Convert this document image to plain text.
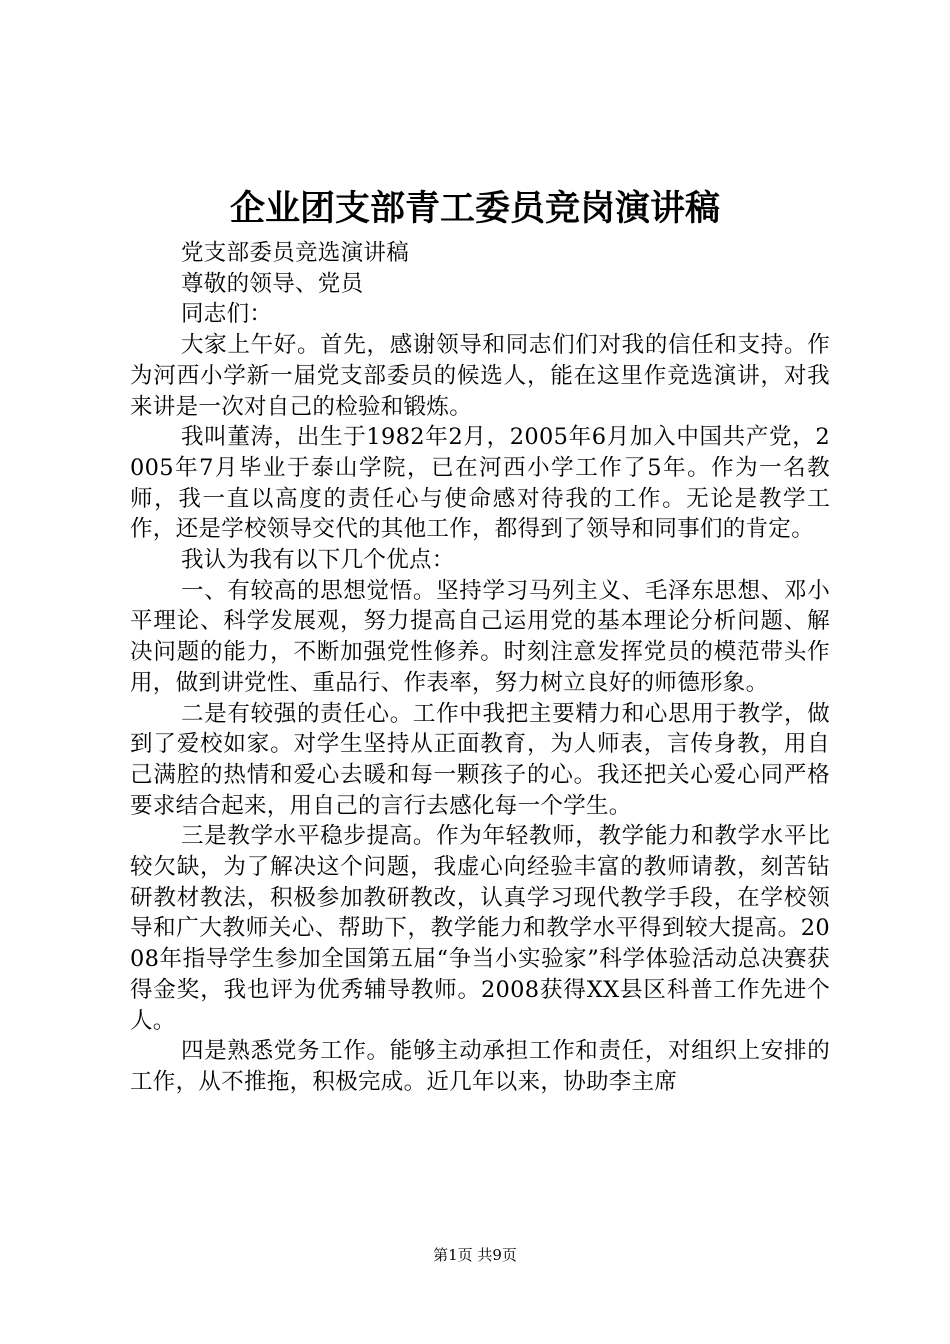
企业团支部青工委员竞岗演讲稿

党支部委员竞选演讲稿

尊敬的领导、党员

同志们：

大家上午好。首先，感谢领导和同志们们对我的信任和支持。作为河西小学新一届党支部委员的候选人，能在这里作竞选演讲，对我来讲是一次对自己的检验和锻炼。

我叫董涛，出生于1982年2月，2005年6月加入中国共产党，2005年7月毕业于泰山学院，已在河西小学工作了5年。作为一名教师，我一直以高度的责任心与使命感对待我的工作。无论是教学工作，还是学校领导交代的其他工作，都得到了领导和同事们的肯定。

我认为我有以下几个优点：

一、有较高的思想觉悟。坚持学习马列主义、毛泽东思想、邓小平理论、科学发展观，努力提高自己运用党的基本理论分析问题、解决问题的能力，不断加强党性修养。时刻注意发挥党员的模范带头作用，做到讲党性、重品行、作表率，努力树立良好的师德形象。

二是有较强的责任心。工作中我把主要精力和心思用于教学，做到了爱校如家。对学生坚持从正面教育，为人师表，言传身教，用自己满腔的热情和爱心去暖和每一颗孩子的心。我还把关心爱心同严格要求结合起来，用自己的言行去感化每一个学生。

三是教学水平稳步提高。作为年轻教师，教学能力和教学水平比较欠缺，为了解决这个问题，我虚心向经验丰富的教师请教，刻苦钻研教材教法，积极参加教研教改，认真学习现代教学手段，在学校领导和广大教师关心、帮助下，教学能力和教学水平得到较大提高。2008年指导学生参加全国第五届“争当小实验家”科学体验活动总决赛获得金奖，我也评为优秀辅导教师。2008获得XX县区科普工作先进个人。

四是熟悉党务工作。能够主动承担工作和责任，对组织上安排的工作，从不推拖，积极完成。近几年以来，协助李主席

第1页 共9页
